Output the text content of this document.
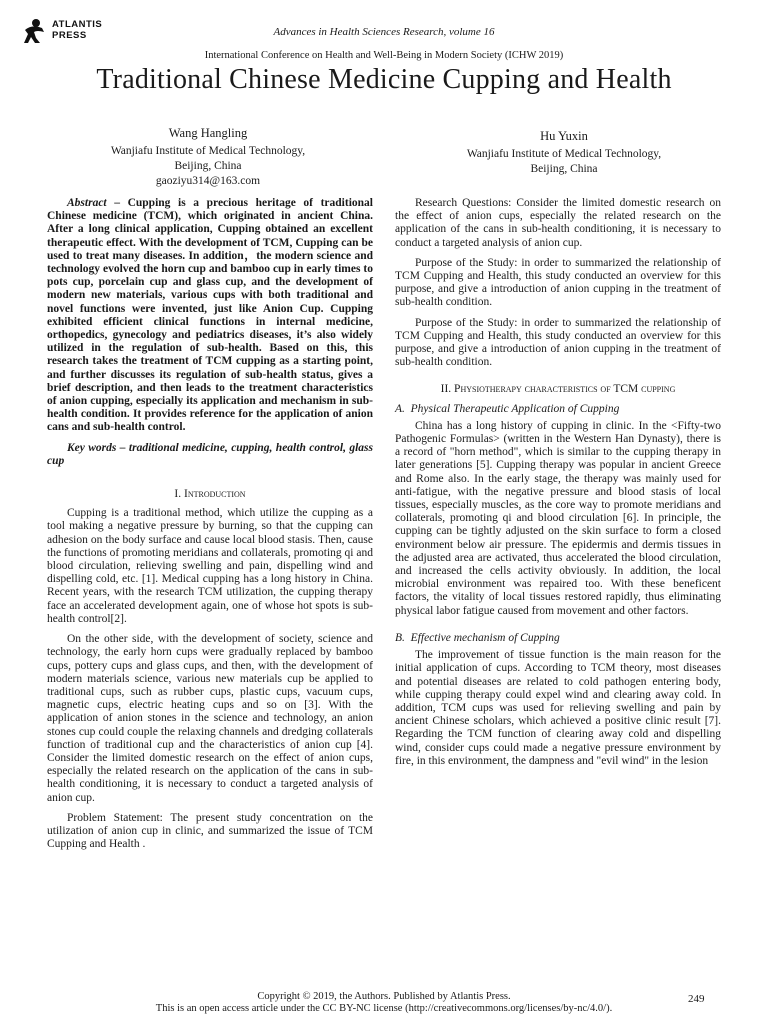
ATLANTIS
PRESS	Advances in Health Sciences Research, volume 16
International Conference on Health and Well-Being in Modern Society (ICHW 2019)
Traditional Chinese Medicine Cupping and Health
Wang Hangling
Wanjiafu Institute of Medical Technology,
Beijing, China
gaoziyu314@163.com
Hu Yuxin
Wanjiafu Institute of Medical Technology,
Beijing, China

Abstract – Cupping is a precious heritage of traditional Chinese medicine (TCM), which originated in ancient China. After a long clinical application, Cupping obtained an excellent therapeutic effect. With the development of TCM, Cupping can be used to treat many diseases. In addition，the modern science and technology evolved the horn cup and bamboo cup in early times to pots cup, porcelain cup and glass cup, and the development of modern new materials, various cups with both traditional and novel functions were invented, just like Anion Cup. Cupping exhibited efficient clinical functions in internal medicine, orthopedics, gynecology and pediatrics diseases, it’s also widely utilized in the regulation of sub-health. Based on this, this research takes the treatment of TCM cupping as a starting point, and further discusses its regulation of sub-health status, gives a brief description, and then leads to the treatment characteristics of anion cupping, especially its application and mechanism in sub-health condition. It provides reference for the application of anion cans and sub-health control.

Key words – traditional medicine, cupping, health control, glass cup

I. Introduction

Cupping is a traditional method, which utilize the cupping as a tool making a negative pressure by burning, so that the cupping can adhesion on the body surface and cause local blood stasis. Then, cause the functions of promoting meridians and collaterals, promoting qi and blood circulation, relieving swelling and pain, dispelling wind and dispelling cold, etc. [1]. Medical cupping has a long history in China. Recent years, with the research TCM utilization, the cupping therapy face an accelerated development again, one of whose hot spots is sub-health control[2].

On the other side, with the development of society, science and technology, the early horn cups were gradually replaced by bamboo cups, pottery cups and glass cups, and then, with the development of modern materials science, various new materials cup be applied to traditional cups, such as rubber cups, plastic cups, vacuum cups, magnetic cups, electric heating cups and so on [3]. With the application of anion stones in the science and technology, an anion stones cup could couple the relaxing channels and dredging collaterals function of traditional cup and the characteristics of anion cup [4]. Consider the limited domestic research on the effect of anion cups, especially the related research on the application of the cans in sub-health conditioning, it is necessary to conduct a targeted analysis of anion cup.

Problem Statement: The present study concentration on the utilization of anion cup in clinic, and summarized the issue of TCM Cupping and Health .

Research Questions: Consider the limited domestic research on the effect of anion cups, especially the related research on the application of the cans in sub-health conditioning, it is necessary to conduct a targeted analysis of anion cup.

Purpose of the Study: in order to summarized the relationship of TCM Cupping and Health, this study conducted an overview for this purpose, and give a introduction of anion cupping in the treatment of sub-health condition.

Purpose of the Study: in order to summarized the relationship of TCM Cupping and Health, this study conducted an overview for this purpose, and give a introduction of anion cupping in the treatment of sub-health condition.

II. Physiotherapy characteristics of TCM cupping
A. Physical Therapeutic Application of Cupping

China has a long history of cupping in clinic. In the <Fifty-two Pathogenic Formulas> (written in the Western Han Dynasty), there is a record of "horn method", which is similar to the cupping therapy in later generations [5]. Cupping therapy was popular in ancient Greece and Rome also. In the early stage, the therapy was mainly used for anti-fatigue, with the negative pressure and blood stasis of local tissues, especially muscles, as the core way to promote meridians and collaterals, promoting qi and blood circulation [6]. In principle, the cupping can be tightly adjusted on the skin surface to form a closed environment below air pressure. The epidermis and dermis tissues in the adjusted area are activated, thus accelerated the blood circulation, and increased the cells activity obviously. In addition, the local microbial environment was repaired too. With these beneficent factors, the vitality of local tissues restored rapidly, thus eliminating physical labor fatigue caused from movement and other factors.

B. Effective mechanism of Cupping

The improvement of tissue function is the main reason for the initial application of cups. According to TCM theory, most diseases and potential diseases are related to cold pathogen entering body, while cupping therapy could expel wind and clearing away cold. In addition, TCM cups was used for relieving swelling and pain by ancient Chinese scholars, which achieved a positive clinic result [7]. Regarding the TCM function of clearing away cold and dispelling wind, consider cups could made a negative pressure environment by fire, in this environment, the dampness and "evil wind" in the lesion

Copyright © 2019, the Authors. Published by Atlantis Press.
This is an open access article under the CC BY-NC license (http://creativecommons.org/licenses/by-nc/4.0/).
249
